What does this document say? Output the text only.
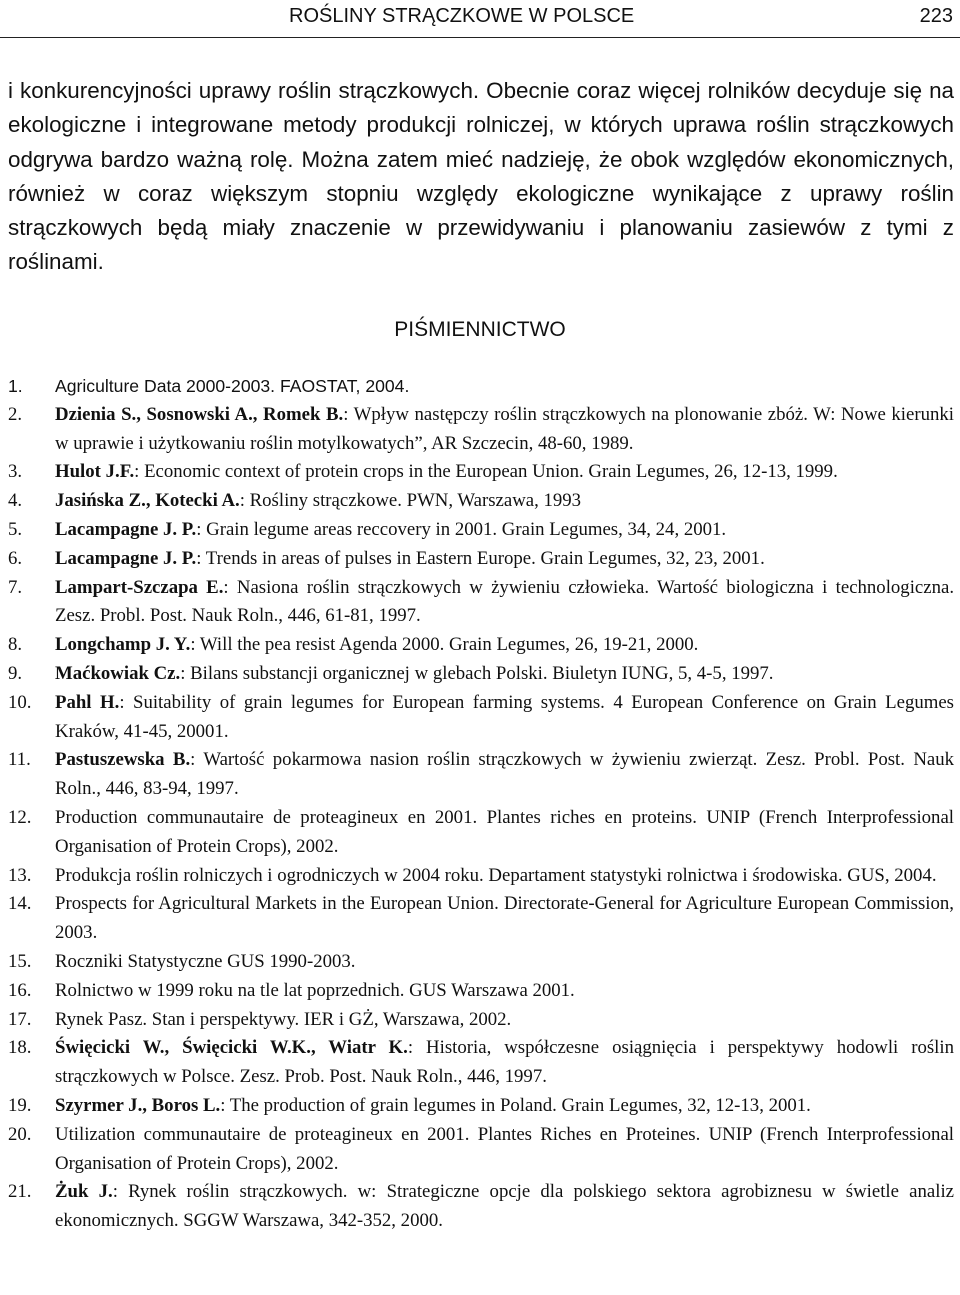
ROŚLINY STRĄCZKOWE W POLSCE	223

i konkurencyjności uprawy roślin strączkowych. Obecnie coraz więcej rolników decyduje się na ekologiczne i integrowane metody produkcji rolniczej, w których uprawa roślin strączkowych odgrywa bardzo ważną rolę. Można zatem mieć nadzieję, że obok względów ekonomicznych, również w coraz większym stopniu względy ekologiczne wynikające z uprawy roślin strączkowych będą miały znaczenie w przewidywaniu i planowaniu zasiewów z tymi z roślinami.

PIŚMIENNICTWO
1. Agriculture Data 2000-2003. FAOSTAT, 2004.
2. Dzienia S., Sosnowski A., Romek B.: Wpływ następczy roślin strączkowych na plonowanie zbóż. W: Nowe kierunki w uprawie i użytkowaniu roślin motylkowatych”, AR Szczecin, 48-60, 1989.
3. Hulot J.F.: Economic context of protein crops in the European Union. Grain Legumes, 26, 12-13, 1999.
4. Jasińska Z., Kotecki A.: Rośliny strączkowe. PWN, Warszawa, 1993
5. Lacampagne J. P.: Grain legume areas reccovery in 2001. Grain Legumes, 34, 24, 2001.
6. Lacampagne J. P.: Trends in areas of pulses in Eastern Europe. Grain Legumes, 32, 23, 2001.
7. Lampart-Szczapa E.: Nasiona roślin strączkowych w żywieniu człowieka. Wartość biologiczna i technologiczna. Zesz. Probl. Post. Nauk Roln., 446, 61-81, 1997.
8. Longchamp J. Y.: Will the pea resist Agenda 2000. Grain Legumes, 26, 19-21, 2000.
9. Maćkowiak Cz.: Bilans substancji organicznej w glebach Polski. Biuletyn IUNG, 5, 4-5, 1997.
10. Pahl H.: Suitability of grain legumes for European farming systems. 4 European Conference on Grain Legumes Kraków, 41-45, 20001.
11. Pastuszewska B.: Wartość pokarmowa nasion roślin strączkowych w żywieniu zwierząt. Zesz. Probl. Post. Nauk Roln., 446, 83-94, 1997.
12. Production communautaire de proteagineux en 2001. Plantes riches en proteins. UNIP (French Interprofessional Organisation of Protein Crops), 2002.
13. Produkcja roślin rolniczych i ogrodniczych w 2004 roku. Departament statystyki rolnictwa i środowiska. GUS, 2004.
14. Prospects for Agricultural Markets in the European Union. Directorate-General for Agriculture European Commission, 2003.
15. Roczniki Statystyczne GUS 1990-2003.
16. Rolnictwo w 1999 roku na tle lat poprzednich. GUS Warszawa 2001.
17. Rynek Pasz. Stan i perspektywy. IER i GŻ, Warszawa, 2002.
18. Święcicki W., Święcicki W.K., Wiatr K.: Historia, współczesne osiągnięcia i perspektywy hodowli roślin strączkowych w Polsce. Zesz. Prob. Post. Nauk Roln., 446, 1997.
19. Szyrmer J., Boros L.: The production of grain legumes in Poland. Grain Legumes, 32, 12-13, 2001.
20. Utilization communautaire de proteagineux en 2001. Plantes Riches en Proteines. UNIP (French Interprofessional Organisation of Protein Crops), 2002.
21. Żuk J.: Rynek roślin strączkowych. w: Strategiczne opcje dla polskiego sektora agrobiznesu w świetle analiz ekonomicznych. SGGW Warszawa, 342-352, 2000.
